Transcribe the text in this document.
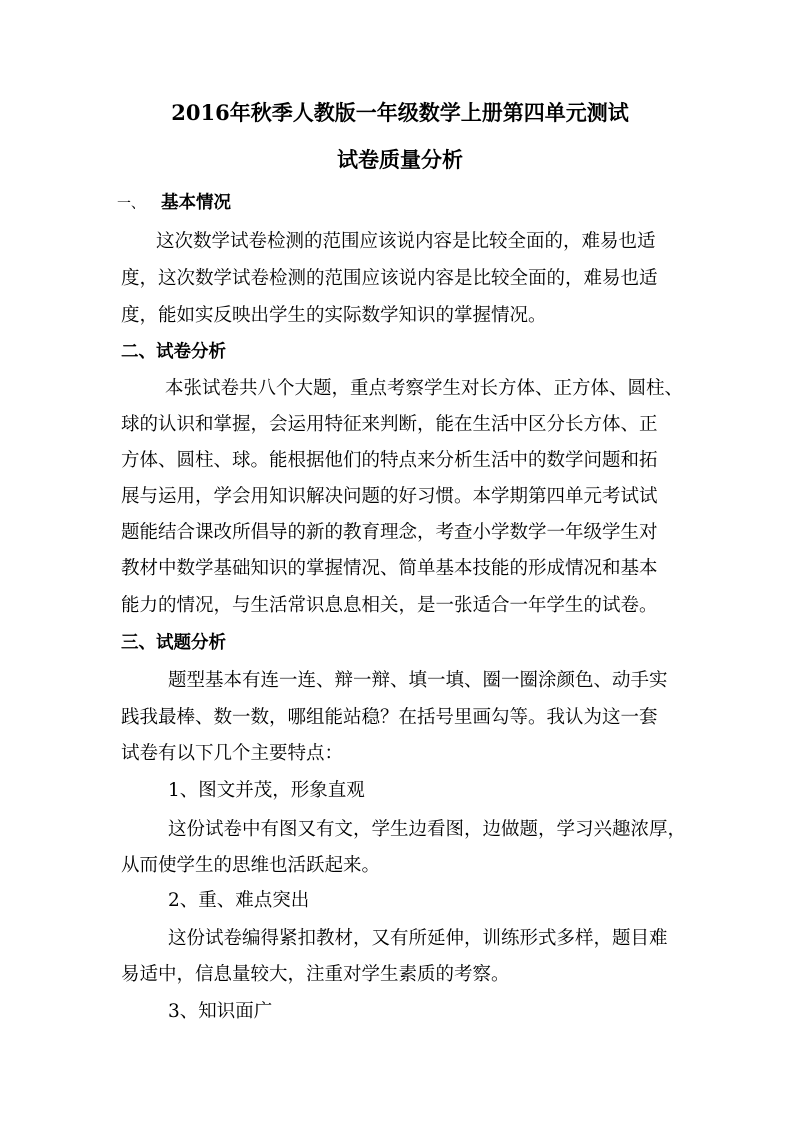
2016年秋季人教版一年级数学上册第四单元测试
试卷质量分析
一、 基本情况
这次数学试卷检测的范围应该说内容是比较全面的，难易也适
度，这次数学试卷检测的范围应该说内容是比较全面的，难易也适
度，能如实反映出学生的实际数学知识的掌握情况。
二、试卷分析
本张试卷共八个大题，重点考察学生对长方体、正方体、圆柱、
球的认识和掌握，会运用特征来判断，能在生活中区分长方体、正
方体、圆柱、球。能根据他们的特点来分析生活中的数学问题和拓
展与运用，学会用知识解决问题的好习惯。本学期第四单元考试试
题能结合课改所倡导的新的教育理念，考查小学数学一年级学生对
教材中数学基础知识的掌握情况、简单基本技能的形成情况和基本
能力的情况，与生活常识息息相关，是一张适合一年学生的试卷。
三、试题分析
题型基本有连一连、辩一辩、填一填、圈一圈涂颜色、动手实
践我最棒、数一数，哪组能站稳？在括号里画勾等。我认为这一套
试卷有以下几个主要特点：
1、图文并茂，形象直观
这份试卷中有图又有文，学生边看图，边做题，学习兴趣浓厚，
从而使学生的思维也活跃起来。
2、重、难点突出
这份试卷编得紧扣教材，又有所延伸，训练形式多样，题目难
易适中，信息量较大，注重对学生素质的考察。
3、知识面广
